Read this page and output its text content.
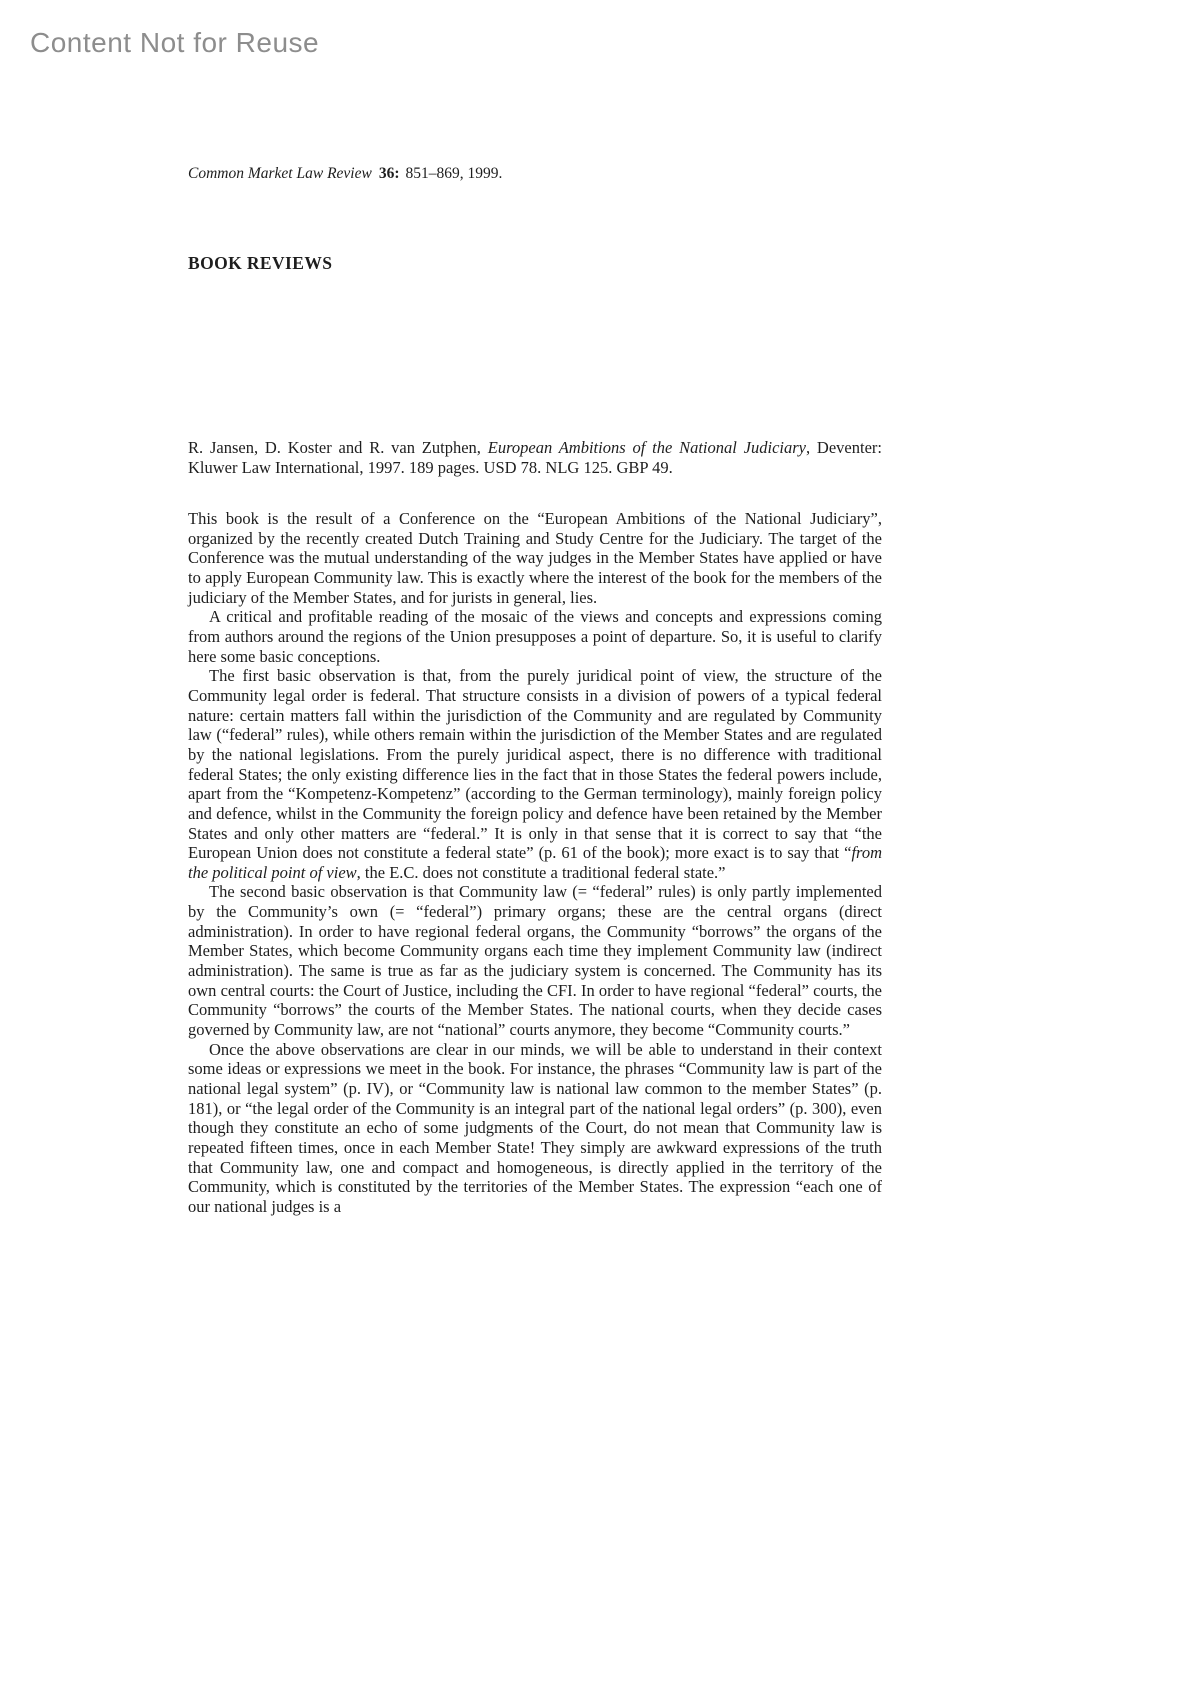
Content Not for Reuse
Common Market Law Review 36: 851–869, 1999.
BOOK REVIEWS
R. Jansen, D. Koster and R. van Zutphen, European Ambitions of the National Judiciary, Deventer: Kluwer Law International, 1997. 189 pages. USD 78. NLG 125. GBP 49.

This book is the result of a Conference on the “European Ambitions of the National Judiciary”, organized by the recently created Dutch Training and Study Centre for the Judiciary. The target of the Conference was the mutual understanding of the way judges in the Member States have applied or have to apply European Community law. This is exactly where the interest of the book for the members of the judiciary of the Member States, and for jurists in general, lies.

A critical and profitable reading of the mosaic of the views and concepts and expressions coming from authors around the regions of the Union presupposes a point of departure. So, it is useful to clarify here some basic conceptions.

The first basic observation is that, from the purely juridical point of view, the structure of the Community legal order is federal. That structure consists in a division of powers of a typical federal nature: certain matters fall within the jurisdiction of the Community and are regulated by Community law (“federal” rules), while others remain within the jurisdiction of the Member States and are regulated by the national legislations. From the purely juridical aspect, there is no difference with traditional federal States; the only existing difference lies in the fact that in those States the federal powers include, apart from the “Kompetenz-Kompetenz” (according to the German terminology), mainly foreign policy and defence, whilst in the Community the foreign policy and defence have been retained by the Member States and only other matters are “federal.” It is only in that sense that it is correct to say that “the European Union does not constitute a federal state” (p. 61 of the book); more exact is to say that “from the political point of view, the E.C. does not constitute a traditional federal state.”

The second basic observation is that Community law (= “federal” rules) is only partly implemented by the Community’s own (= “federal”) primary organs; these are the central organs (direct administration). In order to have regional federal organs, the Community “borrows” the organs of the Member States, which become Community organs each time they implement Community law (indirect administration). The same is true as far as the judiciary system is concerned. The Community has its own central courts: the Court of Justice, including the CFI. In order to have regional “federal” courts, the Community “borrows” the courts of the Member States. The national courts, when they decide cases governed by Community law, are not “national” courts anymore, they become “Community courts.”

Once the above observations are clear in our minds, we will be able to understand in their context some ideas or expressions we meet in the book. For instance, the phrases “Community law is part of the national legal system” (p. IV), or “Community law is national law common to the member States” (p. 181), or “the legal order of the Community is an integral part of the national legal orders” (p. 300), even though they constitute an echo of some judgments of the Court, do not mean that Community law is repeated fifteen times, once in each Member State! They simply are awkward expressions of the truth that Community law, one and compact and homogeneous, is directly applied in the territory of the Community, which is constituted by the territories of the Member States. The expression “each one of our national judges is a
